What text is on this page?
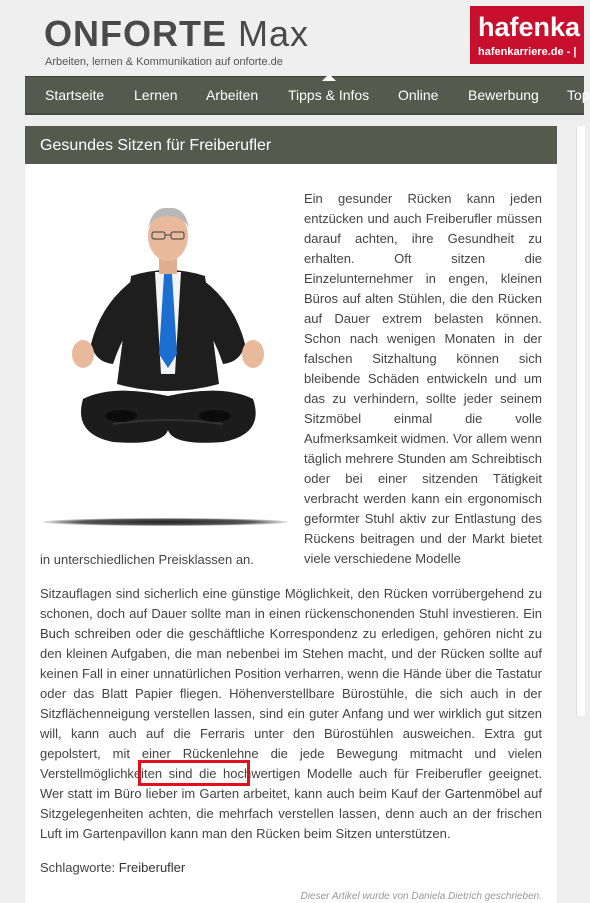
ONFORTE Max
Arbeiten, lernen & Kommunikation auf onforte.de
hafenka
hafenkarriere.de - |
Startseite Lernen Arbeiten Tipps & Infos Online Bewerbung Top
Gesundes Sitzen für Freiberufler
Ein gesunder Rücken kann jeden entzücken und auch Freiberufler müssen darauf achten, ihre Gesundheit zu erhalten. Oft sitzen die Einzelunternehmer in engen, kleinen Büros auf alten Stühlen, die den Rücken auf Dauer extrem belasten können. Schon nach wenigen Monaten in der falschen Sitzhaltung können sich bleibende Schäden entwickeln und um das zu verhindern, sollte jeder seinem Sitzmöbel einmal die volle Aufmerksamkeit widmen. Vor allem wenn täglich mehrere Stunden am Schreibtisch oder bei einer sitzenden Tätigkeit verbracht werden kann ein ergonomisch geformter Stuhl aktiv zur Entlastung des Rückens beitragen und der Markt bietet viele verschiedene Modelle
in unterschiedlichen Preisklassen an.
Sitzauflagen sind sicherlich eine günstige Möglichkeit, den Rücken vorrübergehend zu schonen, doch auf Dauer sollte man in einen rückenschonenden Stuhl investieren. Ein Buch schreiben oder die geschäftliche Korrespondenz zu erledigen, gehören nicht zu den kleinen Aufgaben, die man nebenbei im Stehen macht, und der Rücken sollte auf keinen Fall in einer unnatürlichen Position verharren, wenn die Hände über die Tastatur oder das Blatt Papier fliegen. Höhenverstellbare Bürostühle, die sich auch in der Sitzflächenneigung verstellen lassen, sind ein guter Anfang und wer wirklich gut sitzen will, kann auch auf die Ferraris unter den Bürostühlen ausweichen. Extra gut gepolstert, mit einer Rückenlehne die jede Bewegung mitmacht und vielen Verstellmöglichkeiten sind die hochwertigen Modelle auch für Freiberufler geeignet. Wer statt im Büro lieber im Garten arbeitet, kann auch beim Kauf der Gartenmöbel auf Sitzgelegenheiten achten, die mehrfach verstellen lassen, denn auch an der frischen Luft im Gartenpavillon kann man den Rücken beim Sitzen unterstützen.
Schlagworte: Freiberufler
Dieser Artikel wurde von Daniela Dietrich geschrieben.
